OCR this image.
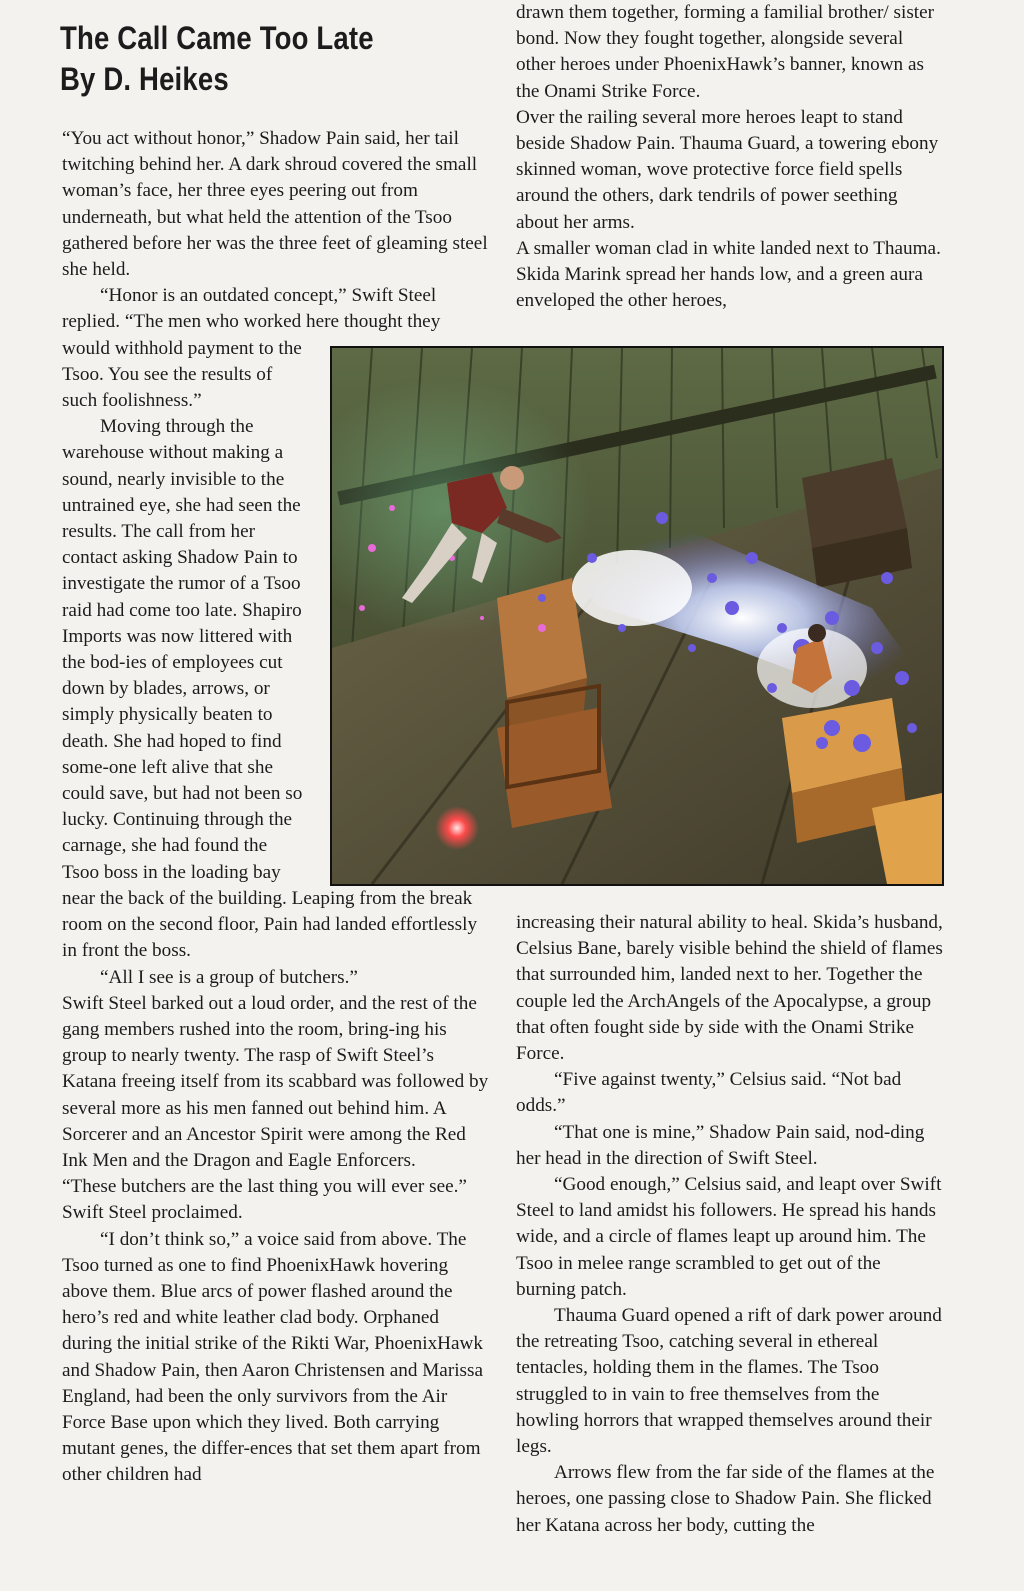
The Call Came Too Late
By D. Heikes

“You act without honor,” Shadow Pain said, her tail twitching behind her. A dark shroud covered the small woman’s face, her three eyes peering out from underneath, but what held the attention of the Tsoo gathered before her was the three feet of gleaming steel she held.

“Honor is an outdated concept,” Swift Steel replied. “The men who worked here thought they

would withhold payment to the Tsoo. You see the results of such foolishness.”

Moving through the warehouse without making a sound, nearly invisible to the untrained eye, she had seen the results. The call from her contact asking Shadow Pain to investigate the rumor of a Tsoo raid had come too late. Shapiro Imports was now littered with the bod-ies of employees cut down by blades, arrows, or simply physically beaten to death. She had hoped to find some-one left alive that she could save, but had not been so lucky. Continuing through the carnage, she had found the Tsoo boss in the loading bay

near the back of the building. Leaping from the break room on the second floor, Pain had landed effortlessly in front the boss.

“All I see is a group of butchers.”

Swift Steel barked out a loud order, and the rest of the gang members rushed into the room, bring-ing his group to nearly twenty. The rasp of Swift Steel’s Katana freeing itself from its scabbard was followed by several more as his men fanned out behind him. A Sorcerer and an Ancestor Spirit were among the Red Ink Men and the Dragon and Eagle Enforcers.

“These butchers are the last thing you will ever see.” Swift Steel proclaimed.

“I don’t think so,” a voice said from above. The Tsoo turned as one to find PhoenixHawk hovering above them. Blue arcs of power flashed around the hero’s red and white leather clad body. Orphaned during the initial strike of the Rikti War, PhoenixHawk and Shadow Pain, then Aaron Christensen and Marissa England, had been the only survivors from the Air Force Base upon which they lived. Both carrying mutant genes, the differ-ences that set them apart from other children had

drawn them together, forming a familial brother/ sister bond. Now they fought together, alongside several other heroes under PhoenixHawk’s banner, known as the Onami Strike Force.

Over the railing several more heroes leapt to stand beside Shadow Pain. Thauma Guard, a towering ebony skinned woman, wove protective force field spells around the others, dark tendrils of power seething about her arms.

A smaller woman clad in white landed next to Thauma. Skida Marink spread her hands low, and a green aura enveloped the other heroes,

increasing their natural ability to heal. Skida’s husband, Celsius Bane, barely visible behind the shield of flames that surrounded him, landed next to her. Together the couple led the ArchAngels of the Apocalypse, a group that often fought side by side with the Onami Strike Force.

“Five against twenty,” Celsius said. “Not bad odds.”

“That one is mine,” Shadow Pain said, nod-ding her head in the direction of Swift Steel.

“Good enough,” Celsius said, and leapt over Swift Steel to land amidst his followers. He spread his hands wide, and a circle of flames leapt up around him. The Tsoo in melee range scrambled to get out of the burning patch.

Thauma Guard opened a rift of dark power around the retreating Tsoo, catching several in ethereal tentacles, holding them in the flames. The Tsoo struggled to in vain to free themselves from the howling horrors that wrapped themselves around their legs.

Arrows flew from the far side of the flames at the heroes, one passing close to Shadow Pain. She flicked her Katana across her body, cutting the
